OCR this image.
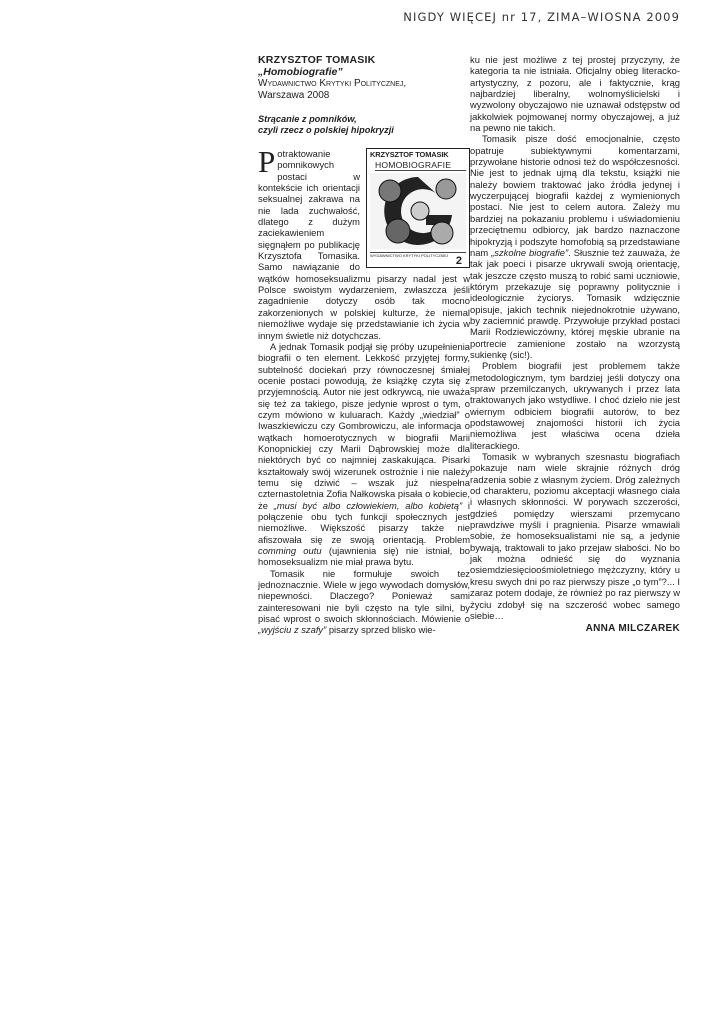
NIGDY WIĘCEJ nr 17, ZIMA–WIOSNA 2009
KRZYSZTOF TOMASIK
„Homobiografie”
Wydawnictwo Krytyki Politycznej,
Warszawa 2008
Strącanie z pomników,
czyli rzecz o polskiej hipokryzji
KRZYSZTOF TOMASIK
HOMOBIOGRAFIE
WYDAWNICTWO KRYTYKI POLITYCZNEJ 2

Potraktowanie pomnikowych postaci w kontekście ich orientacji seksualnej zakrawa na nie lada zuchwałość, dlatego z dużym zaciekawieniem sięgnąłem po publikację Krzysztofa Tomasika. Samo nawiązanie do wątków homoseksualizmu pisarzy nadal jest w Polsce swoistym wydarzeniem, zwłaszcza jeśli zagadnienie dotyczy osób tak mocno zakorzenionych w polskiej kulturze, że niemal niemożliwe wydaje się przedstawianie ich życia w innym świetle niż dotychczas.

A jednak Tomasik podjął się próby uzupełnienia biografii o ten element. Lekkość przyjętej formy, subtelność dociekań przy równoczesnej śmiałej ocenie postaci powodują, że książkę czyta się z przyjemnością. Autor nie jest odkrywcą, nie uważa się też za takiego, pisze jedynie wprost o tym, o czym mówiono w kuluarach. Każdy „wiedział” o Iwaszkiewiczu czy Gombrowiczu, ale informacja o wątkach homoerotycznych w biografii Marii Konopnickiej czy Marii Dąbrowskiej może dla niektórych być co najmniej zaskakująca. Pisarki kształtowały swój wizerunek ostrożnie i nie należy temu się dziwić – wszak już niespełna czternastoletnia Zofia Nałkowska pisała o kobiecie, że „musi być albo człowiekiem, albo kobietą” i połączenie obu tych funkcji społecznych jest niemożliwe. Większość pisarzy także nie afiszowała się ze swoją orientacją. Problem comming outu (ujawnienia się) nie istniał, bo homoseksualizm nie miał prawa bytu.

Tomasik nie formułuje swoich tez jednoznacznie. Wiele w jego wywodach domysłów, niepewności. Dlaczego? Ponieważ sami zainteresowani nie byli często na tyle silni, by pisać wprost o swoich skłonnościach. Mówienie o „wyjściu z szafy” pisarzy sprzed blisko wie-

ku nie jest możliwe z tej prostej przyczyny, że kategoria ta nie istniała. Oficjalny obieg literacko-artystyczny, z pozoru, ale i faktycznie, krąg najbardziej liberalny, wolnomyślicielski i wyzwolony obyczajowo nie uznawał odstępstw od jakkolwiek pojmowanej normy obyczajowej, a już na pewno nie takich.

Tomasik pisze dość emocjonalnie, często opatruje subiektywnymi komentarzami, przywołane historie odnosi też do współczesności. Nie jest to jednak ujmą dla tekstu, książki nie należy bowiem traktować jako źródła jedynej i wyczerpującej biografii każdej z wymienionych postaci. Nie jest to celem autora. Zależy mu bardziej na pokazaniu problemu i uświadomieniu przeciętnemu odbiorcy, jak bardzo naznaczone hipokryzją i podszyte homofobią są przedstawiane nam „szkolne biografie”. Słusznie też zauważa, że tak jak poeci i pisarze ukrywali swoją orientację, tak jeszcze często muszą to robić sami uczniowie, którym przekazuje się poprawny politycznie i ideologicznie życiorys. Tomasik wdzięcznie opisuje, jakich technik niejednokrotnie używano, by zaciemnić prawdę. Przywołuje przykład postaci Marii Rodziewiczówny, której męskie ubranie na portrecie zamienione zostało na wzorzystą sukienkę (sic!).

Problem biografii jest problemem także metodologicznym, tym bardziej jeśli dotyczy ona spraw przemilczanych, ukrywanych i przez lata traktowanych jako wstydliwe. I choć dzieło nie jest wiernym odbiciem biografii autorów, to bez podstawowej znajomości historii ich życia niemożliwa jest właściwa ocena dzieła literackiego.

Tomasik w wybranych szesnastu biografiach pokazuje nam wiele skrajnie różnych dróg radzenia sobie z własnym życiem. Dróg zależnych od charakteru, poziomu akceptacji własnego ciała i własnych skłonności. W porywach szczerości, gdzieś pomiędzy wierszami przemycano prawdziwe myśli i pragnienia. Pisarze wmawiali sobie, że homoseksualistami nie są, a jedynie bywają, traktowali to jako przejaw słabości. No bo jak można odnieść się do wyznania osiemdziesięcioośmioletniego mężczyzny, który u kresu swych dni po raz pierwszy pisze „o tym”?... I zaraz potem dodaje, że również po raz pierwszy w życiu zdobył się na szczerość wobec samego siebie…

ANNA MILCZAREK
